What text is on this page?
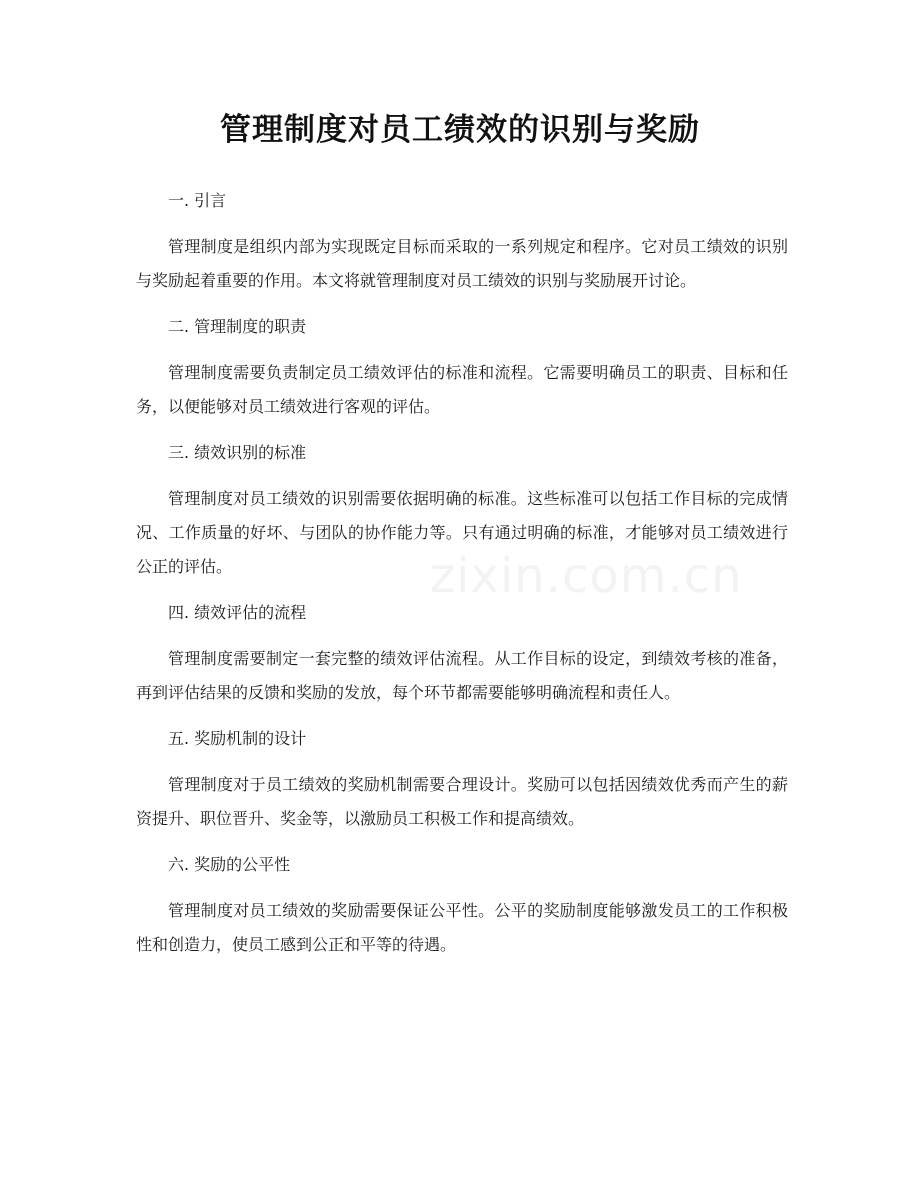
管理制度对员工绩效的识别与奖励
zixin.com.cn

一. 引言

管理制度是组织内部为实现既定目标而采取的一系列规定和程序。它对员工绩效的识别与奖励起着重要的作用。本文将就管理制度对员工绩效的识别与奖励展开讨论。

二. 管理制度的职责

管理制度需要负责制定员工绩效评估的标准和流程。它需要明确员工的职责、目标和任务，以便能够对员工绩效进行客观的评估。

三. 绩效识别的标准

管理制度对员工绩效的识别需要依据明确的标准。这些标准可以包括工作目标的完成情况、工作质量的好坏、与团队的协作能力等。只有通过明确的标准，才能够对员工绩效进行公正的评估。

四. 绩效评估的流程

管理制度需要制定一套完整的绩效评估流程。从工作目标的设定，到绩效考核的准备，再到评估结果的反馈和奖励的发放，每个环节都需要能够明确流程和责任人。

五. 奖励机制的设计

管理制度对于员工绩效的奖励机制需要合理设计。奖励可以包括因绩效优秀而产生的薪资提升、职位晋升、奖金等，以激励员工积极工作和提高绩效。

六. 奖励的公平性

管理制度对员工绩效的奖励需要保证公平性。公平的奖励制度能够激发员工的工作积极性和创造力，使员工感到公正和平等的待遇。
